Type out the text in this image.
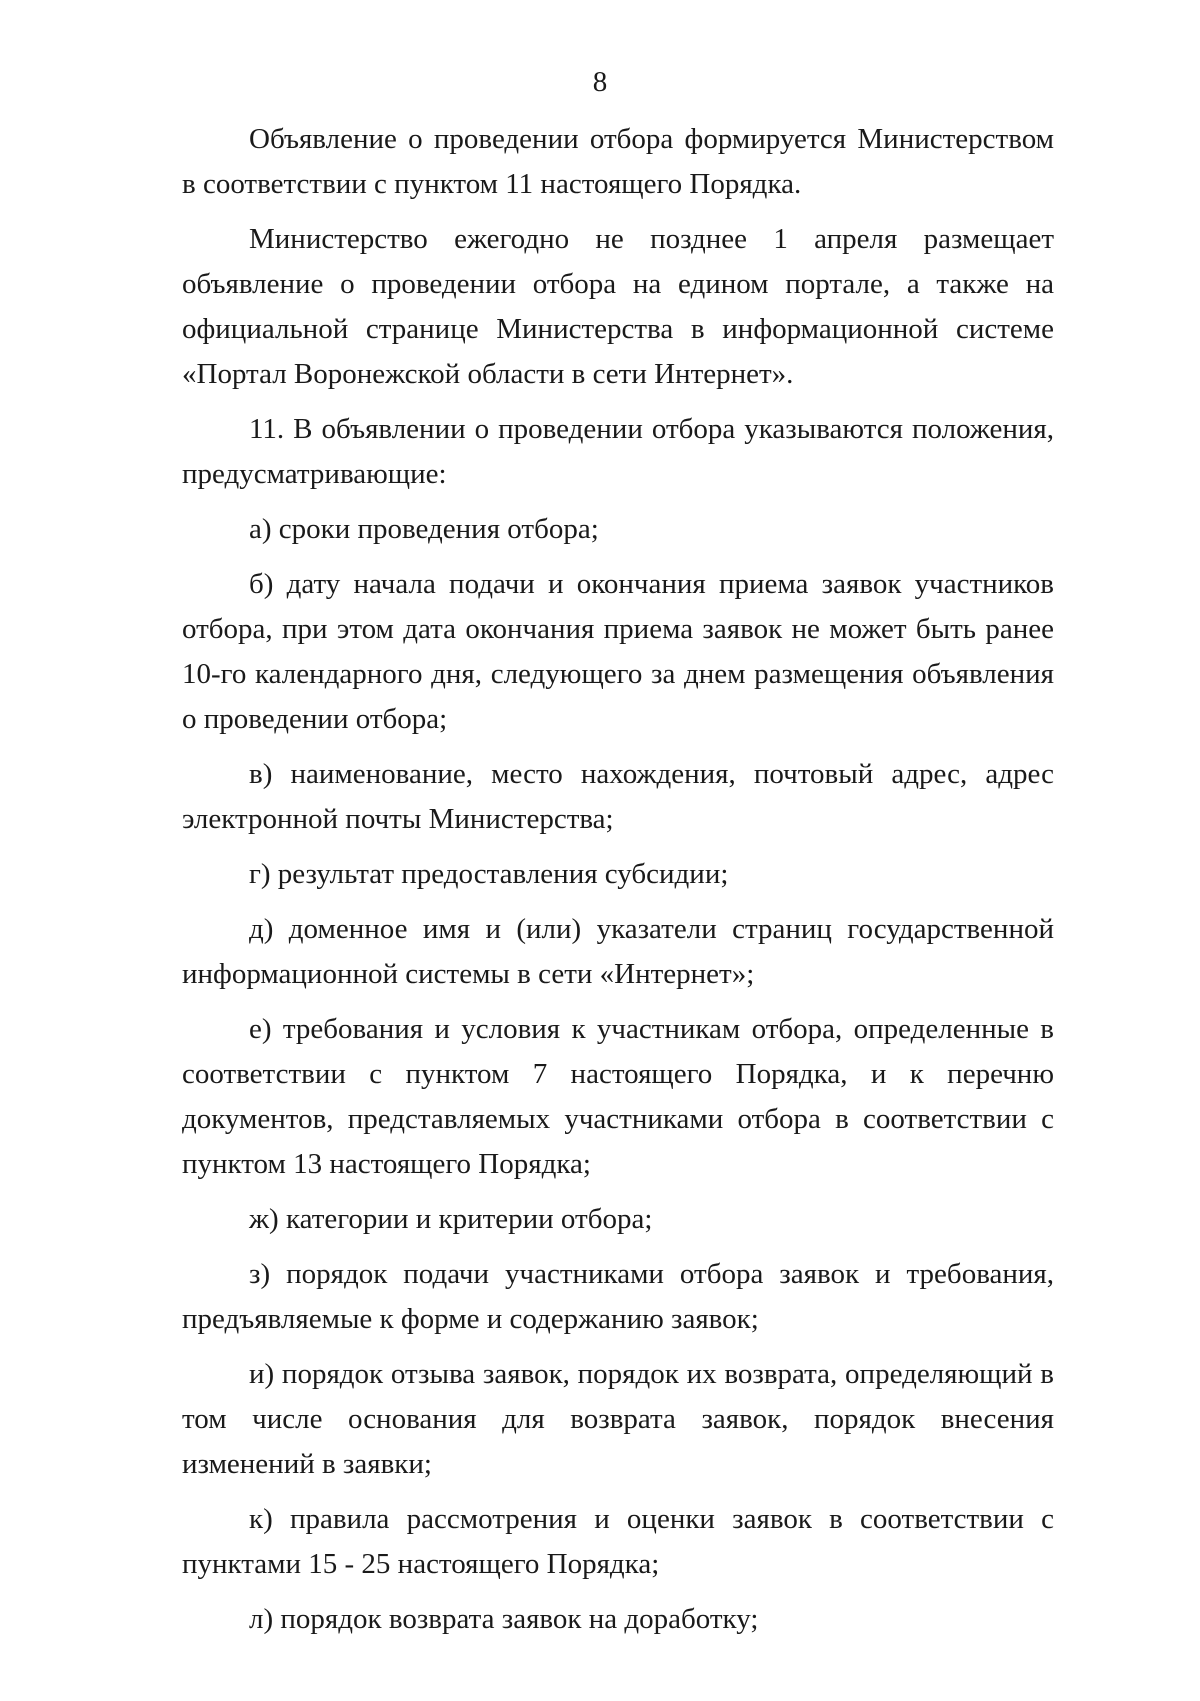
8

Объявление о проведении отбора формируется Министерством в соответствии с пунктом 11 настоящего Порядка.

Министерство ежегодно не позднее 1 апреля размещает объявление о проведении отбора на едином портале, а также на официальной странице Министерства в информационной системе «Портал Воронежской области в сети Интернет».

11. В объявлении о проведении отбора указываются положения, предусматривающие:

а) сроки проведения отбора;

б) дату начала подачи и окончания приема заявок участников отбора, при этом дата окончания приема заявок не может быть ранее 10-го календарного дня, следующего за днем размещения объявления о проведении отбора;

в) наименование, место нахождения, почтовый адрес, адрес электронной почты Министерства;

г) результат предоставления субсидии;

д) доменное имя и (или) указатели страниц государственной информационной системы в сети «Интернет»;

е) требования и условия к участникам отбора, определенные в соответствии с пунктом 7 настоящего Порядка, и к перечню документов, представляемых участниками отбора в соответствии с пунктом 13 настоящего Порядка;

ж) категории и критерии отбора;

з) порядок подачи участниками отбора заявок и требования, предъявляемые к форме и содержанию заявок;

и) порядок отзыва заявок, порядок их возврата, определяющий в том числе основания для возврата заявок, порядок внесения изменений в заявки;

к) правила рассмотрения и оценки заявок в соответствии с пунктами 15 - 25 настоящего Порядка;

л) порядок возврата заявок на доработку;
